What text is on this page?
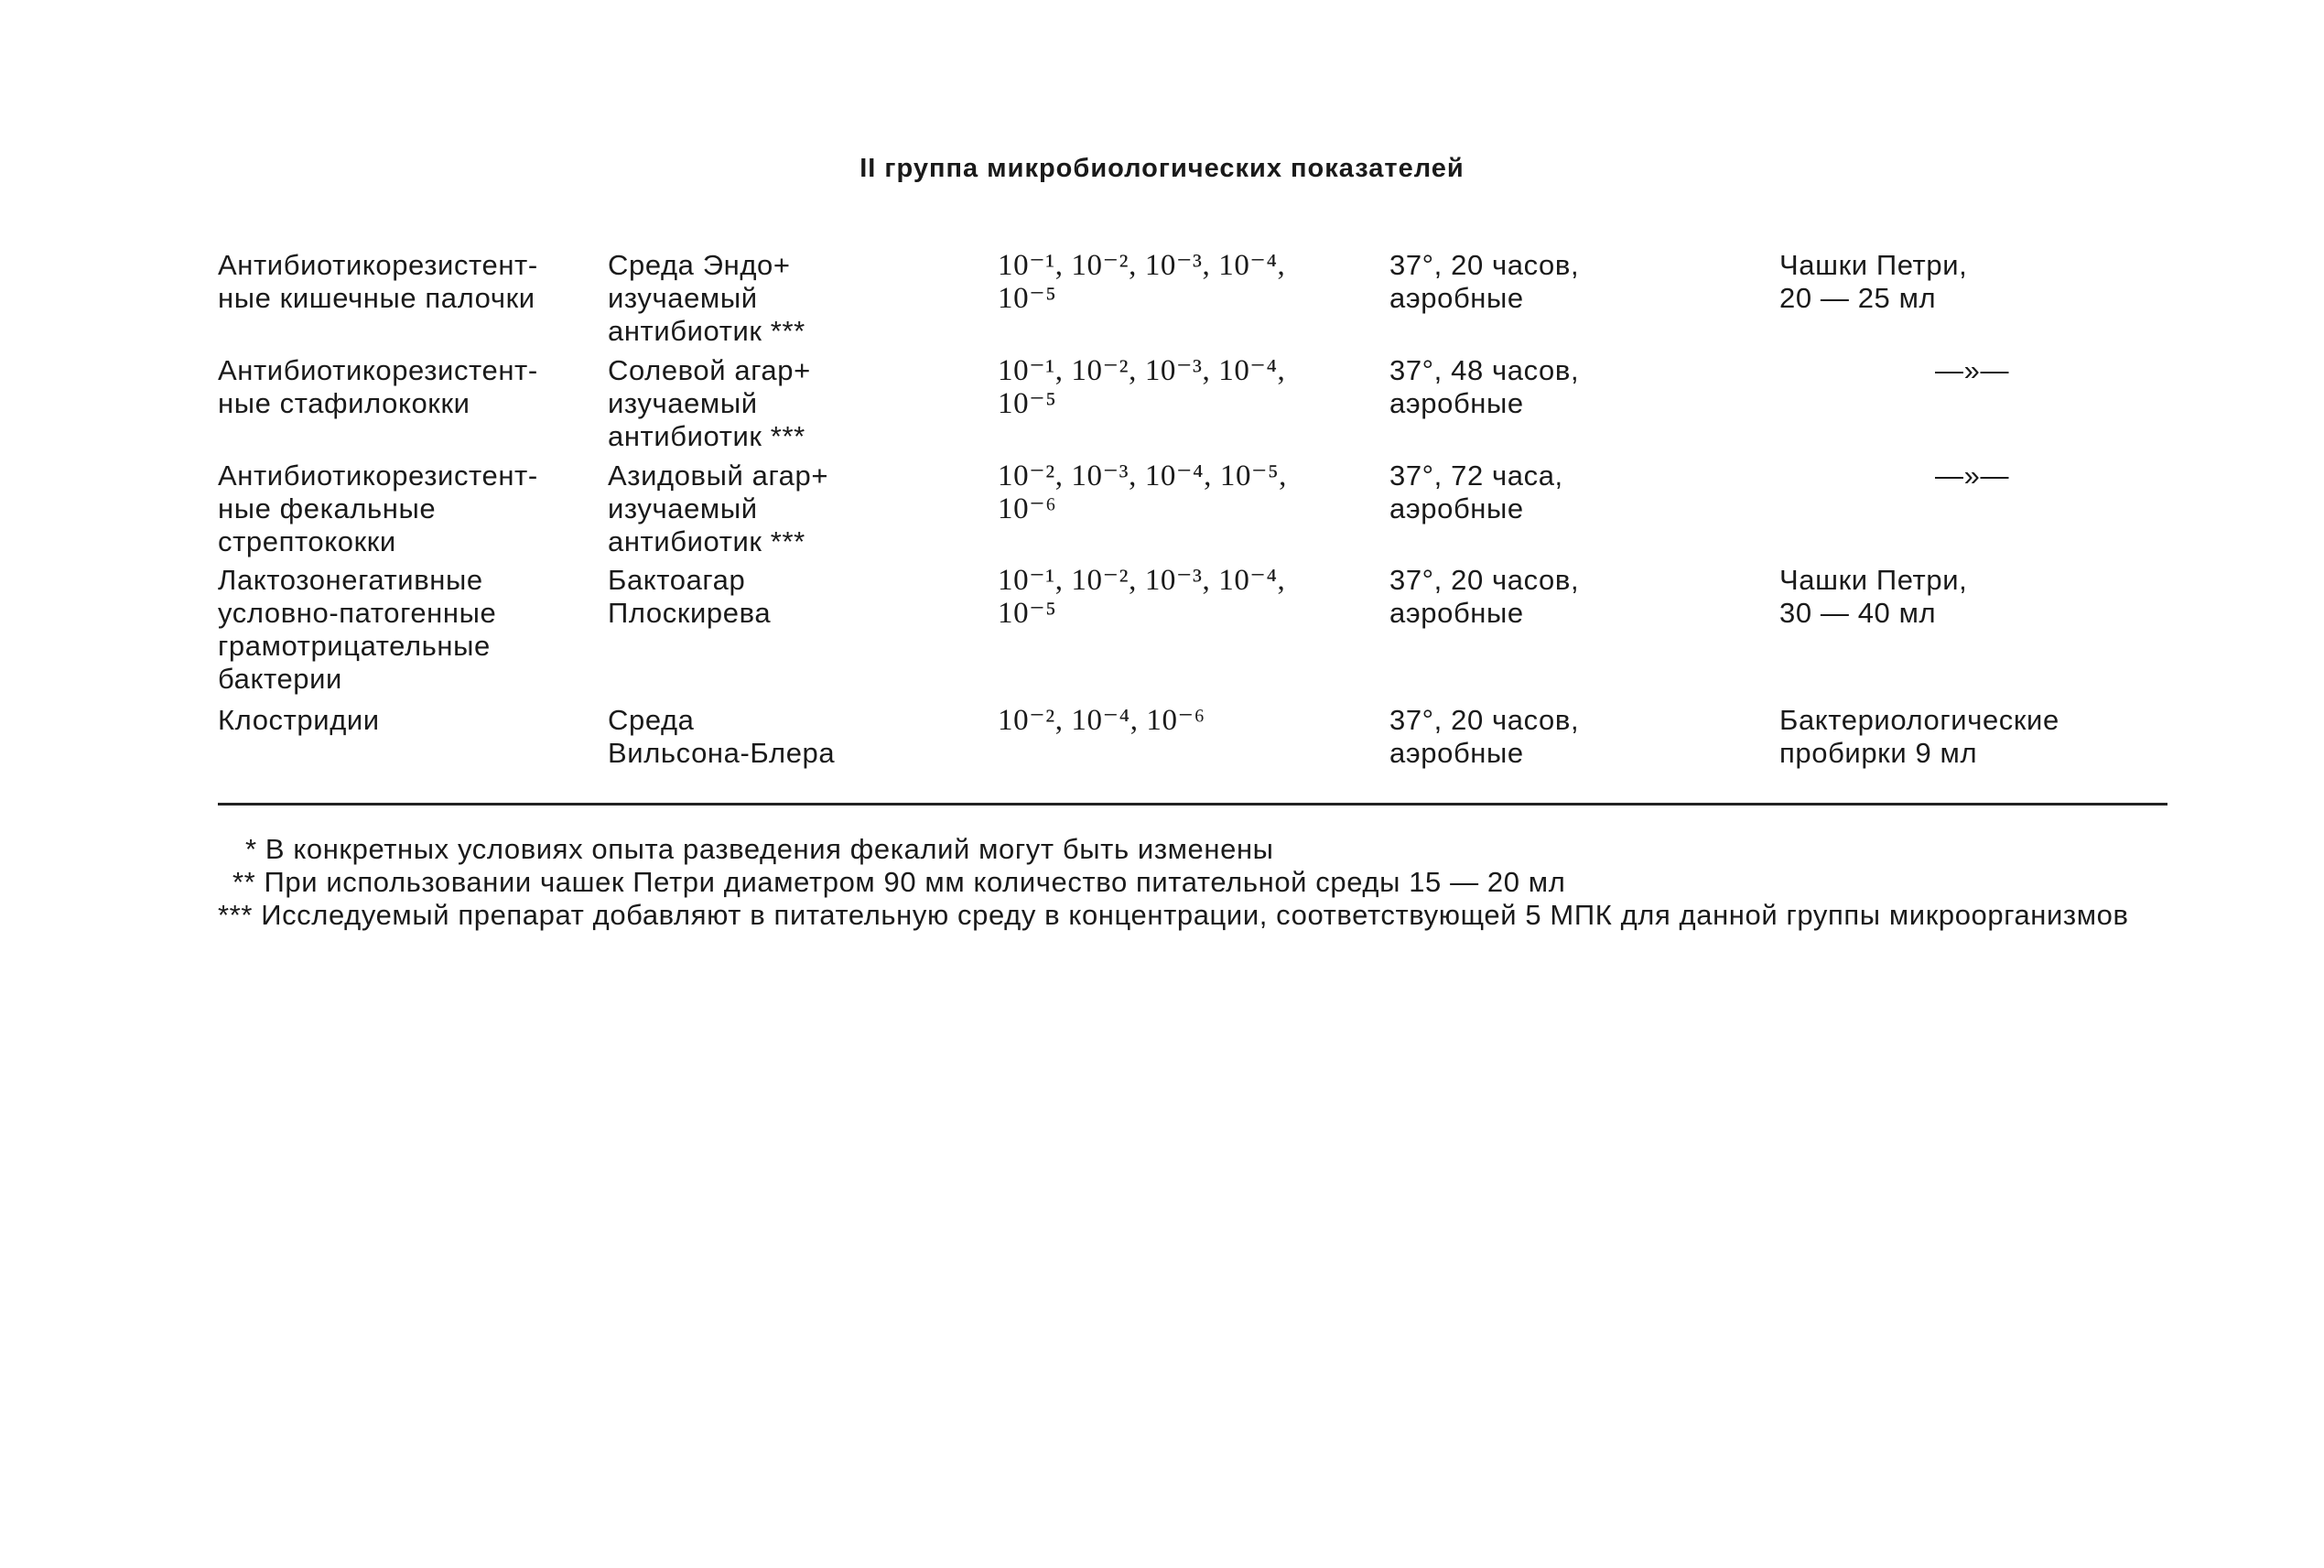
II группа микробиологических показателей
Антибиотикорезистент-
ные кишечные палочки
Среда Эндо+
изучаемый
антибиотик ***
10⁻¹, 10⁻², 10⁻³, 10⁻⁴,
10⁻⁵
37°, 20 часов,
аэробные
Чашки Петри,
20 — 25 мл
Антибиотикорезистент-
ные стафилококки
Солевой агар+
изучаемый
антибиотик ***
10⁻¹, 10⁻², 10⁻³, 10⁻⁴,
10⁻⁵
37°, 48 часов,
аэробные
—»—
Антибиотикорезистент-
ные фекальные
стрептококки
Азидовый агар+
изучаемый
антибиотик ***
10⁻², 10⁻³, 10⁻⁴, 10⁻⁵,
10⁻⁶
37°, 72 часа,
аэробные
—»—
Лактозонегативные
условно-патогенные
грамотрицательные
бактерии
Бактоагар
Плоскирева
10⁻¹, 10⁻², 10⁻³, 10⁻⁴,
10⁻⁵
37°, 20 часов,
аэробные
Чашки Петри,
30 — 40 мл
Клостридии	Среда
Вильсона-Блера
10⁻², 10⁻⁴, 10⁻⁶	37°, 20 часов,
аэробные
Бактериологические
пробирки 9 мл
* В конкретных условиях опыта разведения фекалий могут быть изменены
** При использовании чашек Петри диаметром 90 мм количество питательной среды 15 — 20 мл
*** Исследуемый препарат добавляют в питательную среду в концентрации, соответствующей 5 МПК для данной группы микроорганизмов
